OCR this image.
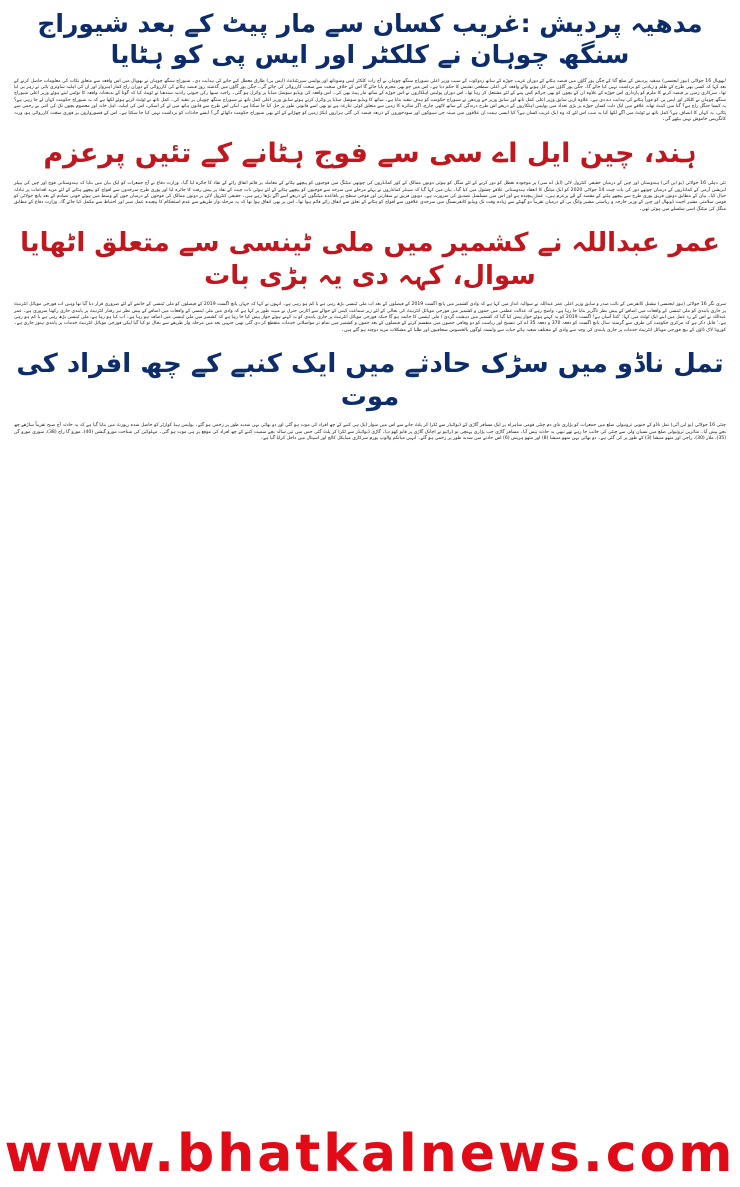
مدھیہ پردیش :غریب کسان سے مار پیٹ کے بعد شیوراج سنگھ چوہان نے کلکٹر اور ایس پی کو ہٹایا

/بھوپال 16 جولائی (نیوز ایجنسی) مدھیہ پردیش کے ضلع گنا کے جگن پور گاؤں میں قبضہ ہٹانے کے دوران غریب جوڑے کے ساتھ زدوکوب کے سبب وزیر اعلی شیوراج سنگھ چوہان نے آج رات کلکٹر ایس وشوناتھ اور پولیس سپرنٹنڈنٹ (ایس پی) طارق معطل کیے جانے کی ہدایت دی۔ شیوراج سنگھ چوہان نے بھوپال میں اس واقعہ سے متعلق نکات کی معلومات حاصل کرنے کے بعد کہا کہ کسی بھی طرح کے ظلم و زیادتی کو برداشت نہیں کیا جائے گا۔ جگن پور گاؤں میں کل ہونے والے واقعہ کی اعلی سطحی تفتیش کا حکم دیا ہے۔ اس میں جو بھی مجرم پایا جائے گا اس کے خلاف سخت سے سخت کارروائی کی جائے گی۔ جگن پور گاؤں میں گذشتہ روز قبضہ ہٹانے کی کارروائی کے دوران راج کمار اہیروار اور ان کی اہلیہ ساوتری بائی نے زہر پی لیا تھا۔ سرکاری زمین پر قبضہ کرنے کا ملزم کو پارداری اس جوڑے کے علاوہ ان کے بچوں کو بھی جرائم کش پینے کے لئے مشتعل کر رہا تھا۔ اس دوران پولیس اہلکاروں نے اس جوڑے کے ساتھ مار پیٹ بھی کی۔ اس واقعہ کی ویڈیو سوشل میڈیا پر وائرل ہو گئی۔ راجیہ سبھا رکن جیوتی رادتیہ سندھیا نے ٹویٹ کیا کہ گونا کے بدبختانہ واقعہ کا نوٹس لیتے ہوئے وزیر اعلی شیوراج سنگھ چوہان نے کلکٹر اور ایس پی کو فوراً ہٹانے کی ہدایت دے دی ہے۔ علاوہ ازیں سابق وزیر اعلی کمل ناتھ اور سابق وزیر جے وردھن نے شیوراج حکومت کو ہدف تنقید بنایا ہے۔ ساتھ کا ویڈیو سوشل میڈیا پر وائرل کرتے ہوئے سابق وزیر اعلی کمل ناتھ نے شیوراج سنگھ چوہان پر تنقید کی۔ کمل ناتھ نے ٹوئٹ کرتے ہوئے لکھا ہے کہ یہ شیوراج حکومت کہاں لے جا رہی ہے؟ یہ کیسا جنگل راج ہے؟ گنا میں کینٹ تھانہ علاقے میں ایک دلت کسان جوڑے پر بڑی تعداد میں پولیس اہلکاروں کے ذریعے اس طرح درندگی کے ساتھ لاٹھی چارج، اگر متاثرہ کا زمین سے متعلق کوئی تنازعہ ہے تو بھی اسے قانونی طور پر حل کیا جا سکتا ہے۔ لیکن اس طرح سے قانون ہاتھ میں لے کر اسکی، اس کی اہلیہ، اہل خانہ اور معصوم بچوں تک کی اتنی بے رحمی سے پٹائی، یہ کہاں کا انصاف ہے؟ کمل ناتھ نے ٹوئٹ میں آگے لکھا کیا یہ سب اس لئے کہ وہ ایک غریب کسان ہے؟ کیا ایسی ہمت ان علاقوں میں مبینہ جن سیوکوں اور سودخوروں کے ذریعہ قبضہ کی گئی ہزاروں ایکڑ زمین کو چھڑانے کے لئے بھی شیوراج حکومت دکھائے گی؟ ایسے حادثات کو برداشت نہیں کیا جا سکتا ہے۔ اس کے قصورواروں پر فوری سخت کارروائی ہو، ورنہ کانگریس خاموش نہیں بیٹھے گی۔

ہند، چین ایل اے سی سے فوج ہٹانے کے تئیں پرعزم

نئی دہلی 16 جولائی (یو این آئی) ہندوستان اور چین کے درمیان حقیقی کنٹرول لائن (ایل اے سی) پر موجودہ تعطل کو دور کرنے کے لئے منگل کو ہوئی دونوں ممالک کے کور کمانڈروں کی چوتھی میٹنگ میں فوجیوں کو پیچھے ہٹانے کے معاملہ پر قائم اتفاق رائے کے نفاذ کا جائزہ لیا گیا۔ وزارت دفاع نے آج جمعرات کو ایک بیان میں بتایا کہ ہندوستانی فوج اور چین کی پیپلز لبریشن آرمی کے کمانڈروں کے درمیان چوتھے دور کی بات چیت 14 جولائی 2020 کو ایک میٹنگ کا انعقاد ہندوستانی علاقے چشول میں کیا گیا۔ بیان میں کہا گیا کہ سینئر کمانڈروں نے پہلے مرحلے میں سرحد سے فوجیوں کو پیچھے ہٹانے کے لئے ہوئی بات چیت کے نفاذ پر پیش رفت کا جائزہ لیا اور پوری طرح سرحدوں سے افواج کو پیچھے ہٹانے کے لئے مزید اقدامات پر تبادلہ خیال کیا۔ بیان کے مطابق دونوں فریق پوری طرح سے پیچھے ہٹنے کے مقصد کے لئے پرعزم ہیں۔ عمل پیچیدہ ہے اور اس میں مسلسل تصدیق کی ضرورت ہے۔ دونوں فریق نے سفارتی اور فوجی سطح پر باقاعدہ میٹنگوں کے ذریعے اسے آگے بڑھا رہے ہیں۔ حقیقی کنٹرول لائن پر دونوں ممالک کی فوجوں کے درمیان جون کے وسط میں ہوئے خونی تصادم کے بعد پانچ جولائی کو قومی سلامتی مشیر اجیت ڈوبھال اور چین کے وزیر خارجہ و ریاستی مشیر وانگ یی کے درمیان تقریباً دو گھنٹے سے زیادہ وقت تک ویڈیو کانفرنسنگ میں سرحدی علاقوں سے افواج کو ہٹانے کے تعلق سے اتفاق رائے قائم ہوا تھا۔ اس پر بھی اتفاق ہوا تھا کہ یہ مرحلہ وار طریقے سے عدم استحکام کا پیچیدہ عمل صبر اور احتیاط سے مکمل کیا جائے گا۔ وزارت دفاع کے مطابق منگل کی میٹنگ اسی سلسلے میں ہوئی تھی۔

عمر عبداللہ نے کشمیر میں ملی ٹینسی سے متعلق اٹھایا سوال، کہہ دی یہ بڑی بات

سری نگر 16 جولائی (نیوز ایجنسی) نیشنل کانفرنس کے نائب صدر و سابق وزیر اعلی عمر عبداللہ نے سوالیہ انداز میں کہا ہے کہ وادی کشمیر میں پانچ اگست 2019 کے فیصلوں کے بعد اب ملی ٹینسی بڑھ رہی ہے یا کم ہو رہی ہے۔ انہوں نے کہا کہ جہاں پانچ اگست 2019 کے فیصلوں کو ملی ٹینسی کے خاتمے کے لئے ضروری قرار دیا گیا تھا وہیں اب فورجی موبائل انٹرنیٹ پر جاری پابندی کو ملی ٹینسی کے واقعات میں اضافے کے پیش نظر ناگزیر بتایا جا رہا ہے۔ واضح رہے کہ عدالت عظمی میں جموں و کشمیر میں فورجی موبائل انٹرنیٹ کی بحالی کے لئے زیر سماعت کیس کے حوالے سے اٹارنی جنرل نے مبینہ طور پر کہا ہے کہ وادی میں ملی ٹینسی کے واقعات میں اضافے کے پیش نظر تیز رفتار انٹرنیٹ پر پابندی جاری رکھنا ضروری ہے۔ عمر عبداللہ نے اس کے رد عمل میں اپنے ایک ٹوئٹ میں کہا: 'کتنا آسان ہے! اگست 2019 کو یہ کہتے ہوئے جواز پیش کیا گیا کہ کشمیر میں دہشت گردی / ملی ٹینسی کا خاتمہ ہو گا جبکہ فورجی موبائل انٹرنیٹ پر جاری پابندی کو یہ کہتے ہوئے جواز پیش کیا جا رہا ہے کہ کشمیر میں ملی ٹینسی میں اضافہ ہو رہا ہے۔ اب کیا ہو رہا ہے، ملی ٹینسی بڑھ رہی ہے یا کم ہو رہی ہے۔' قابل ذکر ہے کہ مرکزی حکومت کی طرف سے گزشتہ سال پانچ اگست کو دفعہ 370 و دفعہ 35 اے کی تنسیخ اور ریاست کو دو وفاقی حصوں میں منقسم کرنے کے فیصلوں کے بعد جموں و کشمیر میں تمام تر مواصلاتی خدمات منقطع کر دی گئی تھیں جنہیں بعد میں مرحلہ وار طریقے سے بحال تو کیا گیا لیکن فورجی موبائل انٹرنیٹ خدمات پر پابندی ہنوز جاری ہے۔ کورونا لاک ڈاؤن کے بیچ فورجی موبائل انٹرنیٹ خدمات پر جاری پابندی کی وجہ سے وادی کے مختلف شعبہ ہائے حیات سے وابستہ لوگوں بالخصوص صحافیوں اور طلبا کے مشکلات مزید دوچند ہو گئے ہیں۔

تمل ناڈو میں سڑک حادثے میں ایک کنبے کے چھ افراد کی موت

چنئی 16 جولائی (یو این آئی) تمل ناڈو کے جنوبی ترونیولی ضلع میں جمعرات کو پڑاری نڈی دم چنئی قومی شاہراہ پر ایک مسافر گاڑی کے ڈیوائیڈر سے ٹکرا کر پلٹ جانے سے اس میں سوار ایک ہی کنبے کے چھ افراد کی موت ہو گئی اور دو بھائی بہن شدید طور پر زخمی ہو گئے۔ پولیس ہیڈ کوارٹر کو حاصل شدہ رپورٹ میں بتایا گیا ہے کہ یہ حادثہ آج صبح تقریباً ساڑھے چھ بجے پیش آیا۔ متاثرین ترونیولی ضلع میں تسیان ولی سے چنئی کی جانب جا رہے تھے تبھی یہ حادثہ پیش آیا۔ مسافر گاڑی جب پڑاری پہنچی تو ڈرائیو نے اچانک گاڑی پر قابو کھو دیا۔ گاڑی ڈیوائیڈر سے ٹکرا کر پلٹ گئی جس میں تین سالہ بچے سمیت کنبے کے چھ افراد کی موقع پر ہی موت ہو گئی۔ مہلوکین کی شناخت مورو گیشن (40)، مورو گا راج (38)، سوری مورو گن (35)، ملار (30)، راجی اور متھو منیشا (3) کے طور پر کی گئی ہے۔ دو بھائی بہن متھو منیشا (8) اور متھو ہریش (6) اس حادثے میں شدید طور پر زخمی ہو گئے۔ انہیں میانکم والوپ پورم سرکاری میڈیکل کالج اور اسپتال میں داخل کرایا گیا ہے۔

www.bhatkalnews.com
